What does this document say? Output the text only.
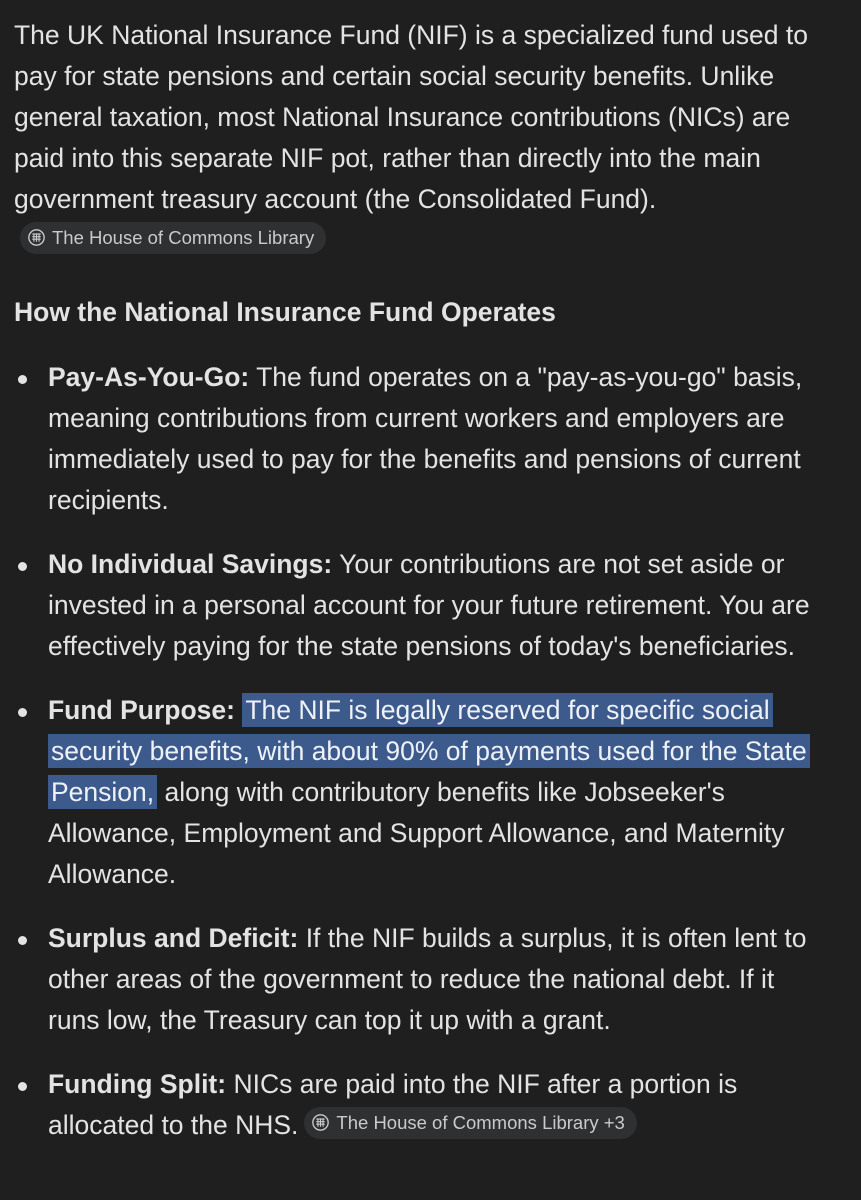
The UK National Insurance Fund (NIF) is a specialized fund used to pay for state pensions and certain social security benefits. Unlike general taxation, most National Insurance contributions (NICs) are paid into this separate NIF pot, rather than directly into the main government treasury account (the Consolidated Fund).
The House of Commons Library

How the National Insurance Fund Operates
Pay-As-You-Go: The fund operates on a "pay-as-you-go" basis, meaning contributions from current workers and employers are immediately used to pay for the benefits and pensions of current recipients.
No Individual Savings: Your contributions are not set aside or invested in a personal account for your future retirement. You are effectively paying for the state pensions of today's beneficiaries.
Fund Purpose: The NIF is legally reserved for specific social security benefits, with about 90% of payments used for the State Pension, along with contributory benefits like Jobseeker's Allowance, Employment and Support Allowance, and Maternity Allowance.
Surplus and Deficit: If the NIF builds a surplus, it is often lent to other areas of the government to reduce the national debt. If it runs low, the Treasury can top it up with a grant.
Funding Split: NICs are paid into the NIF after a portion is allocated to the NHS. The House of Commons Library +3
